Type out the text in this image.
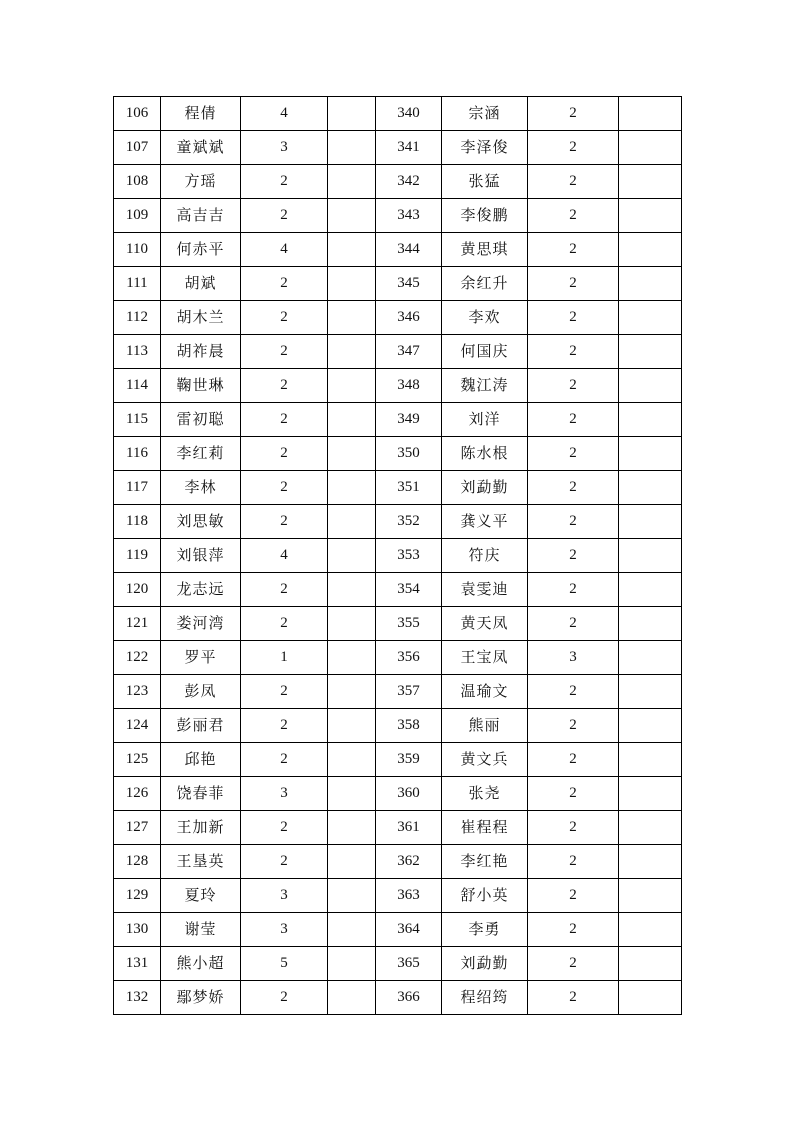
106	程倩	4		340	宗涵	2	
107	童斌斌	3		341	李泽俊	2	
108	方瑶	2		342	张猛	2	
109	高吉吉	2		343	李俊鹏	2	
110	何赤平	4		344	黄思琪	2	
111	胡斌	2		345	余红升	2	
112	胡木兰	2		346	李欢	2	
113	胡祚晨	2		347	何国庆	2	
114	鞠世琳	2		348	魏江涛	2	
115	雷初聪	2		349	刘洋	2	
116	李红莉	2		350	陈水根	2	
117	李林	2		351	刘勐勤	2	
118	刘思敏	2		352	龚义平	2	
119	刘银萍	4		353	符庆	2	
120	龙志远	2		354	袁雯迪	2	
121	娄河湾	2		355	黄天凤	2	
122	罗平	1		356	王宝凤	3	
123	彭凤	2		357	温瑜文	2	
124	彭丽君	2		358	熊丽	2	
125	邱艳	2		359	黄文兵	2	
126	饶春菲	3		360	张尧	2	
127	王加新	2		361	崔程程	2	
128	王垦英	2		362	李红艳	2	
129	夏玲	3		363	舒小英	2	
130	谢莹	3		364	李勇	2	
131	熊小超	5		365	刘勐勤	2	
132	鄢梦娇	2		366	程绍筠	2	
